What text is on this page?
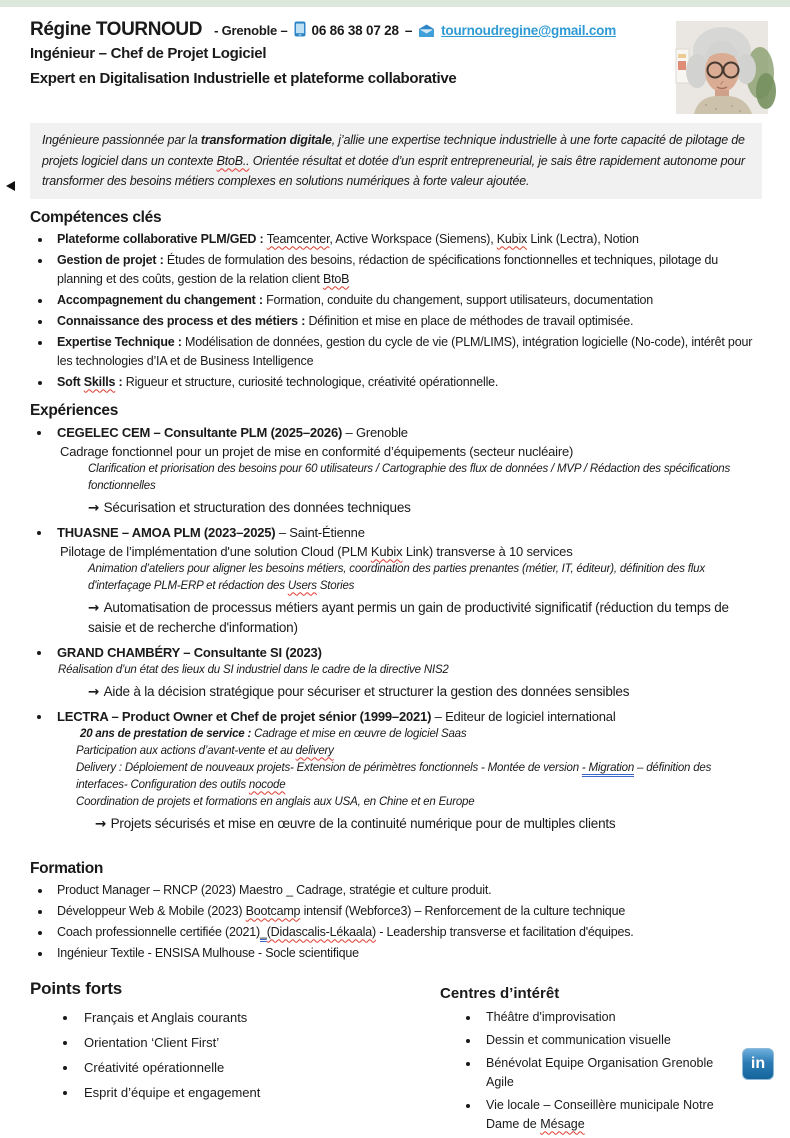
Régine TOURNOUD - Grenoble – 06 86 38 07 28 – tournoudregine@gmail.com
Ingénieur – Chef de Projet Logiciel
Expert en Digitalisation Industrielle et plateforme collaborative
Ingénieure passionnée par la transformation digitale, j’allie une expertise technique industrielle à une forte capacité de pilotage de projets logiciel dans un contexte BtoB.. Orientée résultat et dotée d’un esprit entrepreneurial, je sais être rapidement autonome pour transformer des besoins métiers complexes en solutions numériques à forte valeur ajoutée.
Compétences clés
• Plateforme collaborative PLM/GED : Teamcenter, Active Workspace (Siemens), Kubix Link (Lectra), Notion
• Gestion de projet : Études de formulation des besoins, rédaction de spécifications fonctionnelles et techniques, pilotage du planning et des coûts, gestion de la relation client BtoB
• Accompagnement du changement : Formation, conduite du changement, support utilisateurs, documentation
• Connaissance des process et des métiers : Définition et mise en place de méthodes de travail optimisée.
• Expertise Technique : Modélisation de données, gestion du cycle de vie (PLM/LIMS), intégration logicielle (No-code), intérêt pour les technologies d’IA et de Business Intelligence
• Soft Skills : Rigueur et structure, curiosité technologique, créativité opérationnelle.
Expériences
• CEGELEC CEM – Consultante PLM (2025–2026) – Grenoble

Cadrage fonctionnel pour un projet de mise en conformité d’équipements (secteur nucléaire)

Clarification et priorisation des besoins pour 60 utilisateurs / Cartographie des flux de données / MVP / Rédaction des spécifications fonctionnelles

→ Sécurisation et structuration des données techniques

• THUASNE – AMOA PLM (2023–2025) – Saint-Étienne

Pilotage de l’implémentation d'une solution Cloud (PLM Kubix Link) transverse à 10 services

Animation d’ateliers pour aligner les besoins métiers, coordination des parties prenantes (métier, IT, éditeur), définition des flux d'interfaçage PLM-ERP et rédaction des Users Stories

→ Automatisation de processus métiers ayant permis un gain de productivité significatif (réduction du temps de saisie et de recherche d'information)

• GRAND CHAMBÉRY – Consultante SI (2023)

Réalisation d’un état des lieux du SI industriel dans le cadre de la directive NIS2

→ Aide à la décision stratégique pour sécuriser et structurer la gestion des données sensibles

• LECTRA – Product Owner et Chef de projet sénior (1999–2021) – Editeur de logiciel international

20 ans de prestation de service : Cadrage et mise en œuvre de logiciel Saas

Participation aux actions d’avant-vente et au delivery

Delivery : Déploiement de nouveaux projets- Extension de périmètres fonctionnels - Montée de version - Migration – définition des interfaces- Configuration des outils nocode

Coordination de projets et formations en anglais aux USA, en Chine et en Europe

→ Projets sécurisés et mise en œuvre de la continuité numérique pour de multiples clients

Formation
• Product Manager – RNCP (2023) Maestro _ Cadrage, stratégie et culture produit.
• Développeur Web & Mobile (2023) Bootcamp intensif (Webforce3) – Renforcement de la culture technique
• Coach professionnelle certifiée (2021)_(Didascalis-Lékaala) - Leadership transverse et facilitation d'équipes.
• Ingénieur Textile - ENSISA Mulhouse - Socle scientifique
Points forts
• Français et Anglais courants
• Orientation ‘Client First’
• Créativité opérationnelle
• Esprit d’équipe et engagement
Centres d’intérêt
• Théâtre d'improvisation
• Dessin et communication visuelle
• Bénévolat Equipe Organisation Grenoble Agile
• Vie locale – Conseillère municipale Notre Dame de Mésage
in
